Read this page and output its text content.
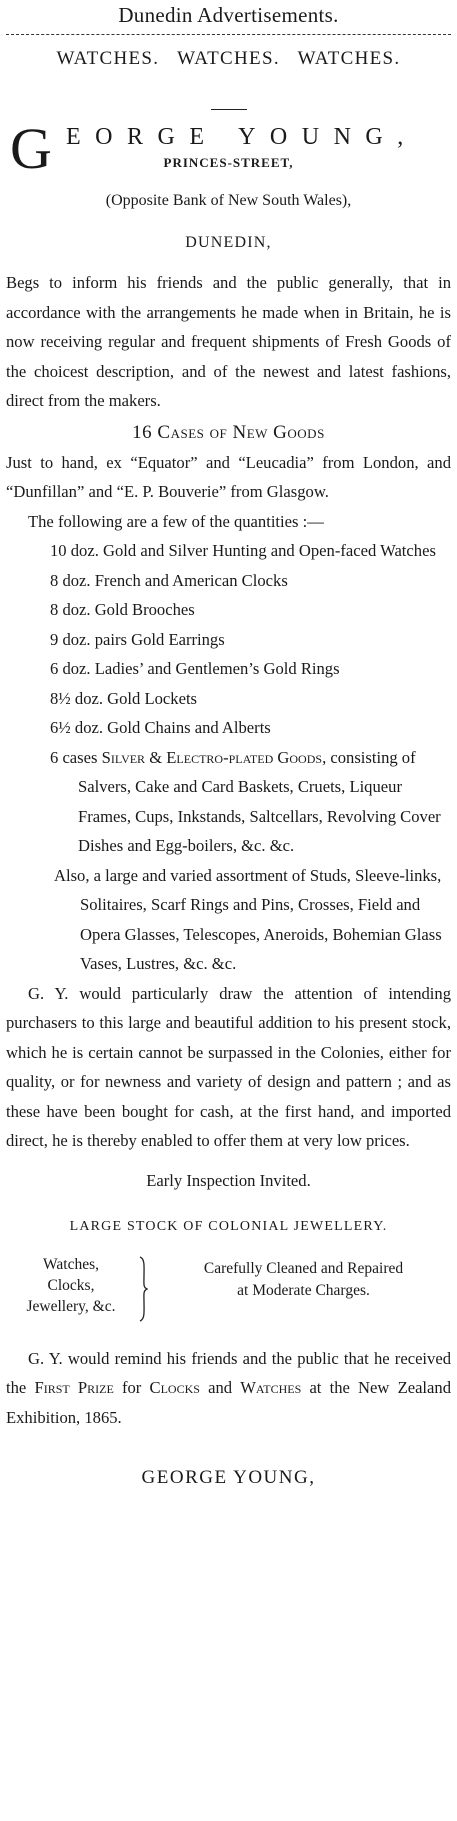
Dunedin Advertisements.
WATCHES.   WATCHES.   WATCHES.
G EORGE YOUNG,
PRINCES-STREET,
(Opposite Bank of New South Wales),
DUNEDIN,

Begs to inform his friends and the public generally, that in accordance with the arrangements he made when in Britain, he is now receiving regular and frequent shipments of Fresh Goods of the choicest description, and of the newest and latest fashions, direct from the makers.

16 Cases of New Goods

Just to hand, ex “Equator” and “Leucadia” from London, and “Dunfillan” and “E. P. Bouverie” from Glasgow.

The following are a few of the quantities :—

10 doz. Gold and Silver Hunting and Open-faced Watches
8 doz. French and American Clocks
8 doz. Gold Brooches
9 doz. pairs Gold Earrings
6 doz. Ladies’ and Gentlemen’s Gold Rings
8½ doz. Gold Lockets
6½ doz. Gold Chains and Alberts
6 cases Silver & Electro-plated Goods, consisting of Salvers, Cake and Card Baskets, Cruets, Liqueur Frames, Cups, Inkstands, Saltcellars, Revolving Cover Dishes and Egg-boilers, &c. &c.
Also, a large and varied assortment of Studs, Sleeve-links, Solitaires, Scarf Rings and Pins, Crosses, Field and Opera Glasses, Telescopes, Aneroids, Bohemian Glass Vases, Lustres, &c. &c.

G. Y. would particularly draw the attention of intending purchasers to this large and beautiful addition to his present stock, which he is certain cannot be surpassed in the Colonies, either for quality, or for newness and variety of design and pattern ; and as these have been bought for cash, at the first hand, and imported direct, he is thereby enabled to offer them at very low prices.

Early Inspection Invited.
LARGE STOCK OF COLONIAL JEWELLERY.
Watches,
Clocks,
Jewellery, &c.
Carefully Cleaned and Repaired
at Moderate Charges.

G. Y. would remind his friends and the public that he received the First Prize for Clocks and Watches at the New Zealand Exhibition, 1865.

GEORGE YOUNG,
